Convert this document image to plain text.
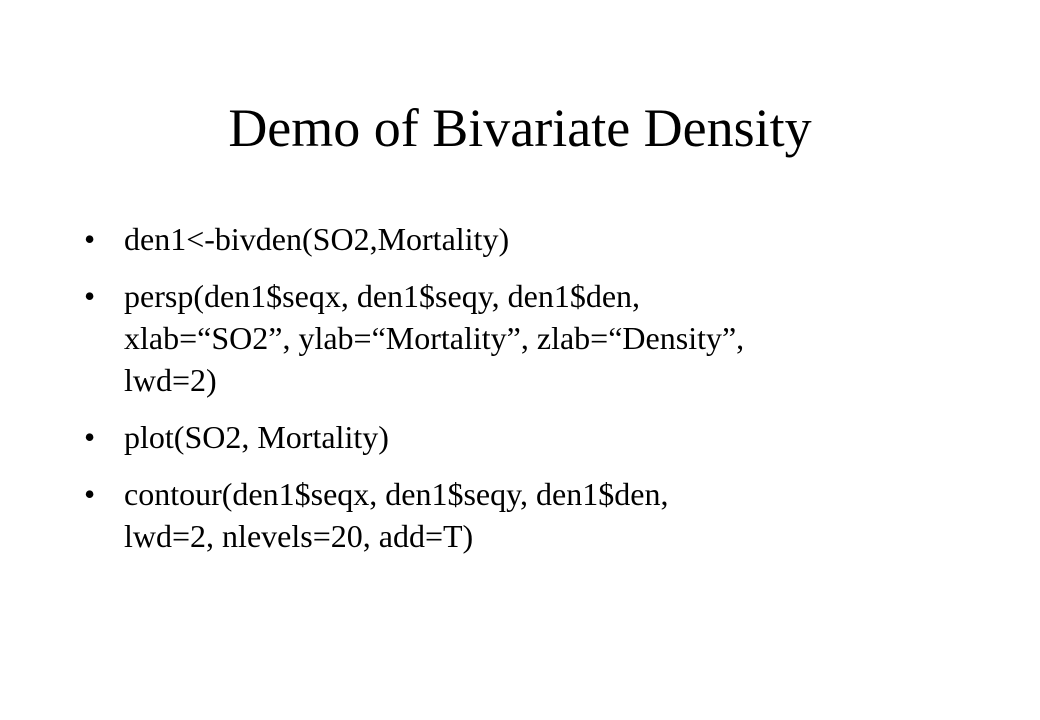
Demo of Bivariate Density
• den1<-bivden(SO2,Mortality)
• persp(den1$seqx, den1$seqy, den1$den,
xlab=“SO2”, ylab=“Mortality”, zlab=“Density”,
lwd=2)
• plot(SO2, Mortality)
• contour(den1$seqx, den1$seqy, den1$den,
lwd=2, nlevels=20, add=T)
